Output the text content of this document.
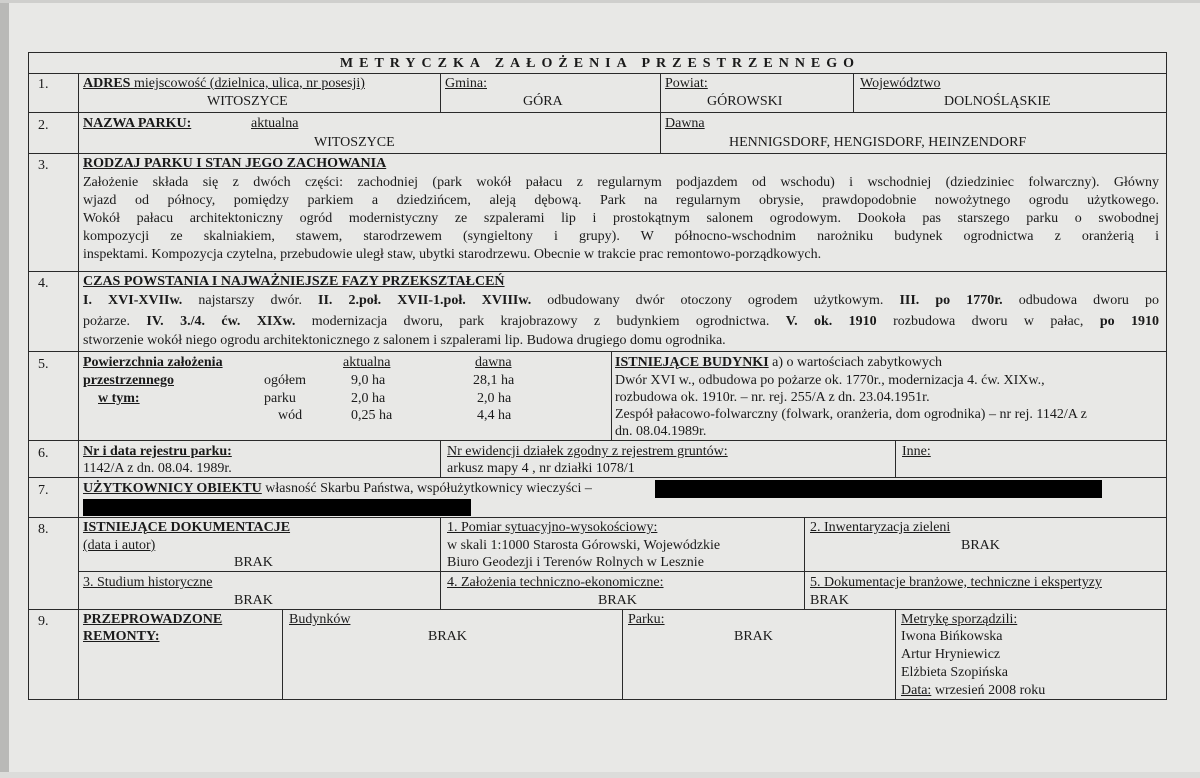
METRYCZKA ZAŁOŻENIA PRZESTRZENNEGO
1. ADRES miejscowość (dzielnica, ulica, nr posesji)
WITOSZYCE
Gmina:
GÓRA
Powiat:
GÓROWSKI
Województwo
DOLNOŚLĄSKIE
2. NAZWA PARKU:	aktualna
WITOSZYCE
Dawna
HENNIGSDORF, HENGISDORF, HEINZENDORF
3. RODZAJ PARKU I STAN JEGO ZACHOWANIA
Założenie składa się z dwóch części: zachodniej (park wokół pałacu z regularnym podjazdem od wschodu) i wschodniej (dziedziniec folwarczny). Główny
wjazd od północy, pomiędzy parkiem a dziedzińcem, aleją dębową. Park na regularnym obrysie, prawdopodobnie nowożytnego ogrodu użytkowego.
Wokół pałacu architektoniczny ogród modernistyczny ze szpalerami lip i prostokątnym salonem ogrodowym. Dookoła pas starszego parku o swobodnej
kompozycji ze skalniakiem, stawem, starodrzewem (syngieltony i grupy). W północno-wschodnim narożniku budynek ogrodnictwa z oranżerią i
inspektami. Kompozycja czytelna, przebudowie uległ staw, ubytki starodrzewu. Obecnie w trakcie prac remontowo-porządkowych.
4. CZAS POWSTANIA I NAJWAŻNIEJSZE FAZY PRZEKSZTAŁCEŃ
I. XVI-XVIIw. najstarszy dwór. II. 2.poł. XVII-1.poł. XVIIIw. odbudowany dwór otoczony ogrodem użytkowym. III. po 1770r. odbudowa dworu po
pożarze. IV. 3./4. ćw. XIXw. modernizacja dworu, park krajobrazowy z budynkiem ogrodnictwa. V. ok. 1910 rozbudowa dworu w pałac, po 1910
stworzenie wokół niego ogrodu architektonicznego z salonem i szpalerami lip. Budowa drugiego domu ogrodnika.
5. Powierzchnia założenia
przestrzennego
w tym:
aktualna	dawna
ogółem	9,0 ha	28,1 ha
parku	2,0 ha	2,0 ha
wód	0,25 ha	4,4 ha
ISTNIEJĄCE BUDYNKI a) o wartościach zabytkowych
Dwór XVI w., odbudowa po pożarze ok. 1770r., modernizacja 4. ćw. XIXw.,
rozbudowa ok. 1910r. – nr. rej. 255/A z dn. 23.04.1951r.
Zespół pałacowo-folwarczny (folwark, oranżeria, dom ogrodnika) – nr rej. 1142/A z
dn. 08.04.1989r.
6. Nr i data rejestru parku:
1142/A z dn. 08.04. 1989r.
Nr ewidencji działek zgodny z rejestrem gruntów:
arkusz mapy 4 , nr działki 1078/1
Inne:
7. UŻYTKOWNICY OBIEKTU własność Skarbu Państwa, współużytkownicy wieczyści –
8. ISTNIEJĄCE DOKUMENTACJE
(data i autor)
BRAK
1. Pomiar sytuacyjno-wysokościowy:
w skali 1:1000 Starosta Górowski, Wojewódzkie
Biuro Geodezji i Terenów Rolnych w Lesznie
2. Inwentaryzacja zieleni
BRAK
3. Studium historyczne
BRAK
4. Założenia techniczno-ekonomiczne:
BRAK
5. Dokumentacje branżowe, techniczne i ekspertyzy
BRAK
9. PRZEPROWADZONE
REMONTY:
Budynków
BRAK
Parku:
BRAK
Metrykę sporządzili:
Iwona Bińkowska
Artur Hryniewicz
Elżbieta Szopińska
Data: wrzesień 2008 roku
